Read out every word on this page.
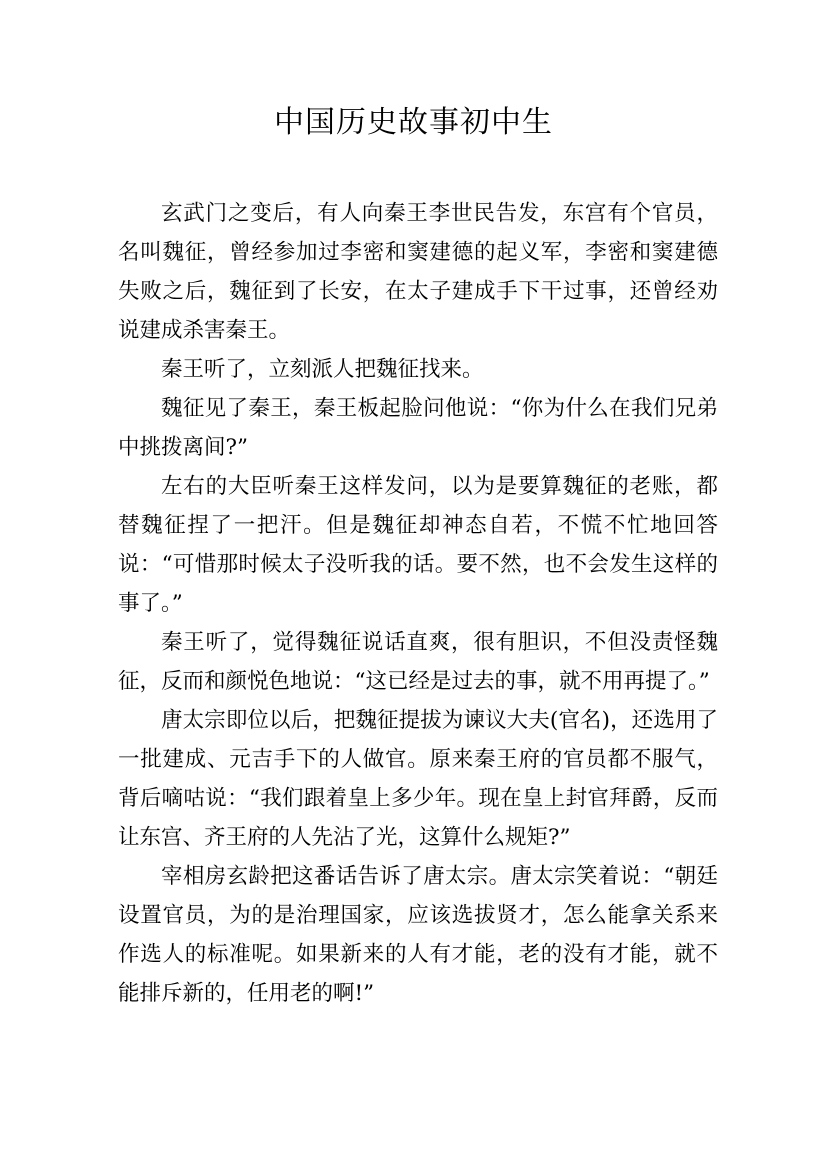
中国历史故事初中生

玄武门之变后，有人向秦王李世民告发，东宫有个官员，名叫魏征，曾经参加过李密和窦建德的起义军，李密和窦建德失败之后，魏征到了长安，在太子建成手下干过事，还曾经劝说建成杀害秦王。

秦王听了，立刻派人把魏征找来。

魏征见了秦王，秦王板起脸问他说：“你为什么在我们兄弟中挑拨离间?”

左右的大臣听秦王这样发问，以为是要算魏征的老账，都替魏征捏了一把汗。但是魏征却神态自若，不慌不忙地回答说：“可惜那时候太子没听我的话。要不然，也不会发生这样的事了。”

秦王听了，觉得魏征说话直爽，很有胆识，不但没责怪魏征，反而和颜悦色地说：“这已经是过去的事，就不用再提了。”

唐太宗即位以后，把魏征提拔为谏议大夫(官名)，还选用了一批建成、元吉手下的人做官。原来秦王府的官员都不服气，背后嘀咕说：“我们跟着皇上多少年。现在皇上封官拜爵，反而让东宫、齐王府的人先沾了光，这算什么规矩?”

宰相房玄龄把这番话告诉了唐太宗。唐太宗笑着说：“朝廷设置官员，为的是治理国家，应该选拔贤才，怎么能拿关系来作选人的标准呢。如果新来的人有才能，老的没有才能，就不能排斥新的，任用老的啊!”
